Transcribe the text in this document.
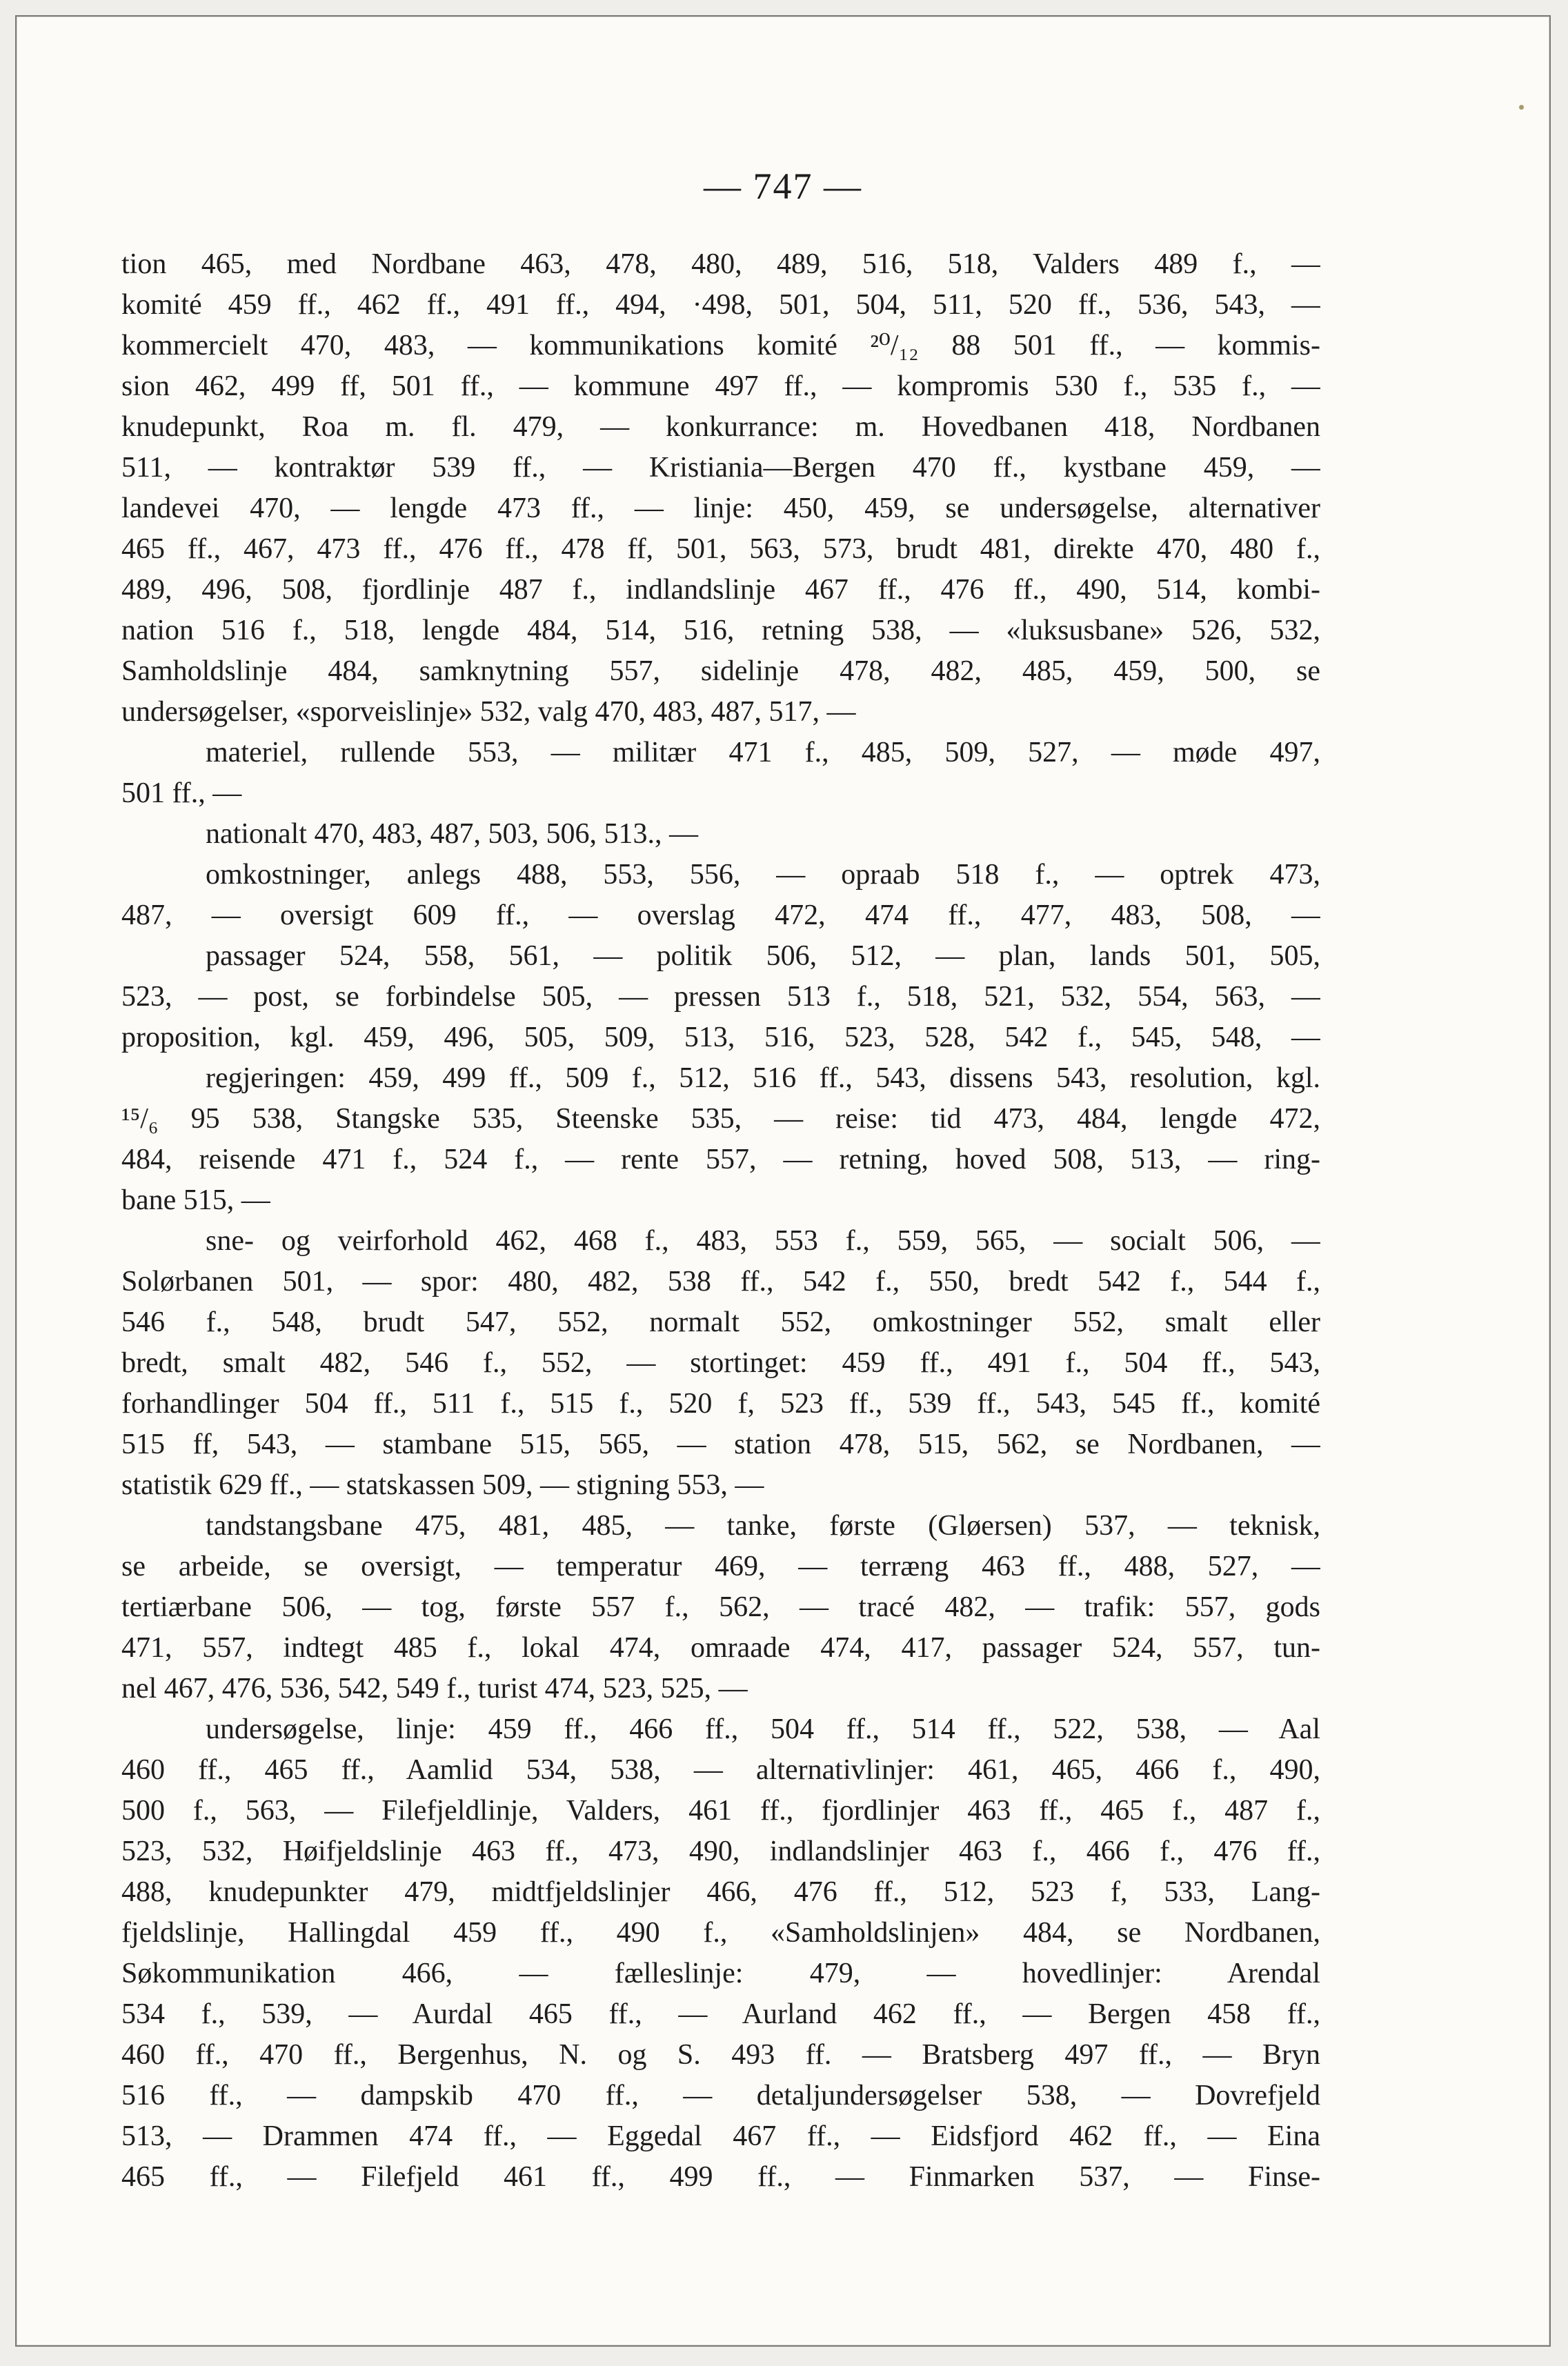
— 747 —
tion 465, med Nordbane 463, 478, 480, 489, 516, 518, Valders 489 f., —
komité 459 ff., 462 ff., 491 ff., 494, ·498, 501, 504, 511, 520 ff., 536, 543, —
kommercielt 470, 483, — kommunikations komité ²⁰/₁₂ 88 501 ff., — kommis-
sion 462, 499 ff, 501 ff., — kommune 497 ff., — kompromis 530 f., 535 f., —
knudepunkt, Roa m. fl. 479, — konkurrance: m. Hovedbanen 418, Nordbanen
511, — kontraktør 539 ff., — Kristiania—Bergen 470 ff., kystbane 459, —
landevei 470, — lengde 473 ff., — linje: 450, 459, se undersøgelse, alternativer
465 ff., 467, 473 ff., 476 ff., 478 ff, 501, 563, 573, brudt 481, direkte 470, 480 f.,
489, 496, 508, fjordlinje 487 f., indlandslinje 467 ff., 476 ff., 490, 514, kombi-
nation 516 f., 518, lengde 484, 514, 516, retning 538, — «luksusbane» 526, 532,
Samholdslinje 484, samknytning 557, sidelinje 478, 482, 485, 459, 500, se
undersøgelser, «sporveislinje» 532, valg 470, 483, 487, 517, —
materiel, rullende 553, — militær 471 f., 485, 509, 527, — møde 497,
501 ff., —
nationalt 470, 483, 487, 503, 506, 513., —
omkostninger, anlegs 488, 553, 556, — opraab 518 f., — optrek 473,
487, — oversigt 609 ff., — overslag 472, 474 ff., 477, 483, 508, —
passager 524, 558, 561, — politik 506, 512, — plan, lands 501, 505,
523, — post, se forbindelse 505, — pressen 513 f., 518, 521, 532, 554, 563, —
proposition, kgl. 459, 496, 505, 509, 513, 516, 523, 528, 542 f., 545, 548, —
regjeringen: 459, 499 ff., 509 f., 512, 516 ff., 543, dissens 543, resolution, kgl.
¹⁵/₆ 95 538, Stangske 535, Steenske 535, — reise: tid 473, 484, lengde 472,
484, reisende 471 f., 524 f., — rente 557, — retning, hoved 508, 513, — ring-
bane 515, —
sne- og veirforhold 462, 468 f., 483, 553 f., 559, 565, — socialt 506, —
Solørbanen 501, — spor: 480, 482, 538 ff., 542 f., 550, bredt 542 f., 544 f.,
546 f., 548, brudt 547, 552, normalt 552, omkostninger 552, smalt eller
bredt, smalt 482, 546 f., 552, — stortinget: 459 ff., 491 f., 504 ff., 543,
forhandlinger 504 ff., 511 f., 515 f., 520 f, 523 ff., 539 ff., 543, 545 ff., komité
515 ff, 543, — stambane 515, 565, — station 478, 515, 562, se Nordbanen, —
statistik 629 ff., — statskassen 509, — stigning 553, —
tandstangsbane 475, 481, 485, — tanke, første (Gløersen) 537, — teknisk,
se arbeide, se oversigt, — temperatur 469, — terræng 463 ff., 488, 527, —
tertiærbane 506, — tog, første 557 f., 562, — tracé 482, — trafik: 557, gods
471, 557, indtegt 485 f., lokal 474, omraade 474, 417, passager 524, 557, tun-
nel 467, 476, 536, 542, 549 f., turist 474, 523, 525, —
undersøgelse, linje: 459 ff., 466 ff., 504 ff., 514 ff., 522, 538, — Aal
460 ff., 465 ff., Aamlid 534, 538, — alternativlinjer: 461, 465, 466 f., 490,
500 f., 563, — Filefjeldlinje, Valders, 461 ff., fjordlinjer 463 ff., 465 f., 487 f.,
523, 532, Høifjeldslinje 463 ff., 473, 490, indlandslinjer 463 f., 466 f., 476 ff.,
488, knudepunkter 479, midtfjeldslinjer 466, 476 ff., 512, 523 f, 533, Lang-
fjeldslinje, Hallingdal 459 ff., 490 f., «Samholdslinjen» 484, se Nordbanen,
Søkommunikation 466, — fælleslinje: 479, — hovedlinjer: Arendal
534 f., 539, — Aurdal 465 ff., — Aurland 462 ff., — Bergen 458 ff.,
460 ff., 470 ff., Bergenhus, N. og S. 493 ff. — Bratsberg 497 ff., — Bryn
516 ff., — dampskib 470 ff., — detaljundersøgelser 538, — Dovrefjeld
513, — Drammen 474 ff., — Eggedal 467 ff., — Eidsfjord 462 ff., — Eina
465 ff., — Filefjeld 461 ff., 499 ff., — Finmarken 537, — Finse-
